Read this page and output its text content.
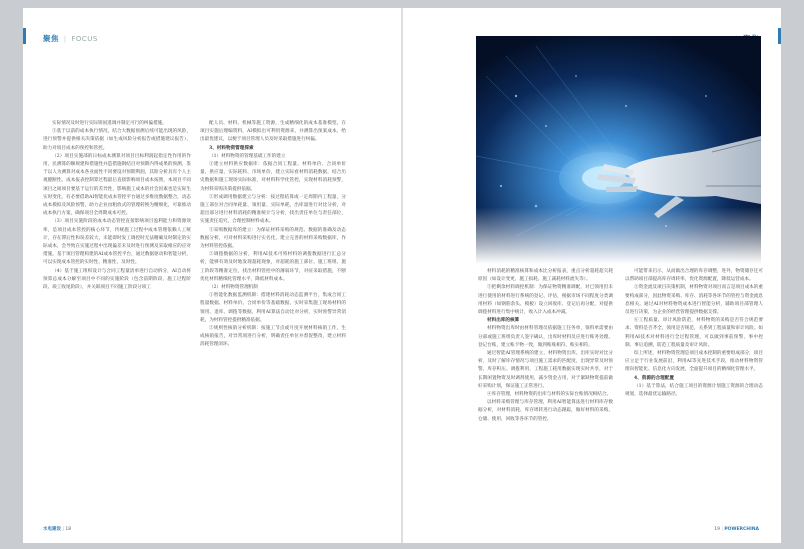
聚焦 | FOCUS

实际情况及时进行实际矫国遥调并制定可行的纠偏措施。

③基于以前的成本执行情况，结合大数据预测后续可能出现的风险，进行预警并提供相关决策依据（如生成风险分析报告或措施建议报告），助力对项目成本的预控和管控。

（2）项目实施部的日标成本测算对项目目标利润起指定性作用的作用，民测算的顺规建和措施性并造措施钢结目对预期内得成果的预测，鉴于以人为测算对成本各业面性不同要设对预期利润，其险分析具有个人主观臆断性。成本报表控制算过程最后直接影响项目成本按照，本项目不同项目之间项目要基于运行的差异性，影响施工成本的社会因素也是实际生实时变化，有必要借助AI智能化成本管控平台通过多维度数据整合，动态成本模拟及风险预警，助力企业由粗放式的管理转换为精细化，可靠推动成本执行方案，确保项目全周期成本可控。

（3）项目实施阶段的成本动态管控直接影响项目盈利能力和资源效率，是项目成本管控的核心环节，传统施工过程中成本管理依赖人工统计，存在滞后性和误差较大，未能即时发工调控时无法精确及时制定的实际成本，会导致在实施过程中出现偏差未及时进行预测及采取相应的应对措施。基于项目管理构建的AI成本管控平台，通过数据驱动和智能分析，可以实现成本管控的实时性、精准性、及时性。

（4）基于施工组织设计与合同工程量清单进行自动拆分，AI自动将预算总成本分解至项目中不同的实施阶段（包含前期阶段、施工过程阶段、竣工收尾阶段），并关联项目不同施工阶段分项工

配人员、材料、机械等施工资源，生成精细化的成本基准模型。在项目实施后理编资料，AI模拟出可利用资源来，并测算出预案成本，给出最优建议，以便于项目管理人员及时采取措施进行纠偏。

3、材料物资管理探索

（1）材料物资的管理基础工作的建立

①建立材料供应数据库：依据合同工程量、材料单价、合同单价量、供应量、实际耗料、市场单价，建立实际看材料消耗数据，结合历史数据和施工现场实际标准，对材料科学化管控，实现材料消耗预警，为材料采购决策提供依据。

②形成调用数据建立与分析：按过程结算或一定周期内工程量，分施工部位对合同单耗量、领用量、实际单耗，出库量进行对比分析，对超出部分进行材料消耗的精准统计与分析，找出责任单位与责任部位，实施责任追究，合理控制材料成本。

③采购数据库的建立：为保证材料采购的规范、数据的准确及动态数据分析，可对材料采购进行实名化，建立完善的材料采购数据库，作为材料管控依据。

②调拨数据的分析，利用AI技术可将材料的调拨数据进行汇总分析，能够有效及时地发现超耗现象，对超耗的施工部位、施工班组、施工阶段等精准定位，找出材料管控中的薄弱环节，对症采取措施，不断优化材料精细化管理水平，降低材料成本。

（2）材料物资管理机制

①智能化数据监测机制：搭建材料消耗动态监测平台，集成合同工程量数据、材料单价、合同单价等基础数据，实时采集施工现场材料的领用、退库、调拨等数据，利用AI算法自动比对分析，实时预警异常消耗，为材料管控提供精准依据。

②规则性核销分析机制：按施工节点或月度开展材料核销工作，生成核销报告，对异常项进行分析，明确责任单位并督促整改，建立材料消耗管理闭环。

水电建设 | 18

材料消耗的精准核算和成本比分析报表，重点分析超耗超欠耗原因（如设计变更、施工损耗、施工减耗材料流失等）。

③把剩余材料调控机制：为保证物资精准调配，对已领用但未进行使用的材料进行系统的登记、评估，根据市场不同程度分类调用材料（如钢筋余头、模板）设立回收库，登记后再分配，对提供调拨材料进行集中统计，收入计入成本冲减。

材料出库的核算

材料物资出库时由材料管理员依据施工任务单，领料单需要由分部或施工班组负责人签字确认，出库时材料员应进行账务处理、登记台账，建立账卡物一致，做到账账相符、账实相符。

通过智能AI管理系统的建立，材料物资出库、出库实时对比分析，及时了解库存情况与项目施工需求的匹配度，出现异常及时预警。库存积压、调拨利用、工程施工耗用数据实现实时共享，对于长期闲置物资及时调剂使用，减少资金占用，对于紧缺物资提前做好采购计划，保证施工正常进行。

④库存管理，材料物资的出库与材料的实际台账情况相结合。

以材料采购管理与库存管理，利用AI智能算法进行材料库存数据分析，对材料消耗、库存周转进行动态跟踪，做好材料的采购、仓储、使用、回收等各环节的管控。

可能带来启示，从而做出合理的库存调整，进外，物资储存还可以帮助项目部提高库存周转率，优化资源配置，降低运营成本。

⑤资金流及项目决策机制，材料物资对项目而言是项目成本的重要构成部分，因此物资采购、库存、消耗等各环节的管控与资金流息息相关。通过AI对材料物资成本进行智能分析，辅助项目部管理人员进行决策，为企业的经营管理提供数据支撑。

⑥工程质量、审计风险防范，材料物资的采购是否符合规范要求、资料是否齐全、领用是否规范，关系到工程质量和审计风险。如利用AI技术对材料进行全过程管理，可以做到事前预警、事中控制、事后追溯，防范工程质量及审计风险。

综上所述，材料物资管理是项目成本控制的重要组成部分，项目应立足于行业发展前沿，利用AI等先进技术手段，推动材料物资管理向智能化、信息化方向发展，全面提升项目的精细化管理水平。

4、资源的合理配置

（1）基于算法，结合施工项目的资源计划施工资源的合理动态规划，选择最优运输路径。

19 | POWERCHINA
